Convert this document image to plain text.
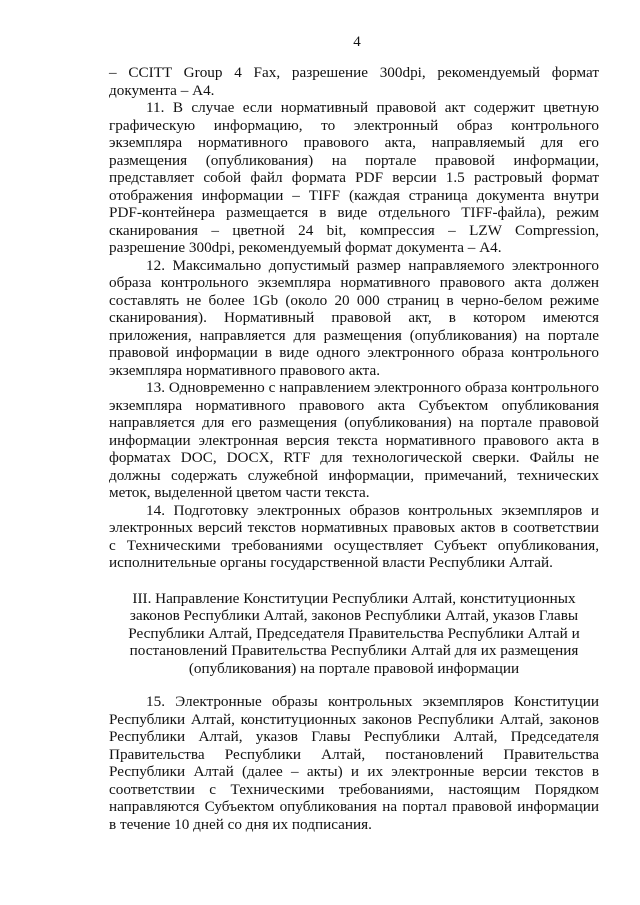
4

– CCITT Group 4 Fax, разрешение 300dpi, рекомендуемый формат документа – А4.

11. В случае если нормативный правовой акт содержит цветную графическую информацию, то электронный образ контрольного экземпляра нормативного правового акта, направляемый для его размещения (опубликования) на портале правовой информации, представляет собой файл формата PDF версии 1.5 растровый формат отображения информации – TIFF (каждая страница документа внутри PDF-контейнера размещается в виде отдельного TIFF-файла), режим сканирования – цветной 24 bit, компрессия – LZW Compression, разрешение 300dpi, рекомендуемый формат документа – А4.

12. Максимально допустимый размер направляемого электронного образа контрольного экземпляра нормативного правового акта должен составлять не более 1Gb (около 20 000 страниц в черно-белом режиме сканирования). Нормативный правовой акт, в котором имеются приложения, направляется для размещения (опубликования) на портале правовой информации в виде одного электронного образа контрольного экземпляра нормативного правового акта.

13. Одновременно с направлением электронного образа контрольного экземпляра нормативного правового акта Субъектом опубликования направляется для его размещения (опубликования) на портале правовой информации электронная версия текста нормативного правового акта в форматах DOC, DOCX, RTF для технологической сверки. Файлы не должны содержать служебной информации, примечаний, технических меток, выделенной цветом части текста.

14. Подготовку электронных образов контрольных экземпляров и электронных версий текстов нормативных правовых актов в соответствии с Техническими требованиями осуществляет Субъект опубликования, исполнительные органы государственной власти Республики Алтай.

III. Направление Конституции Республики Алтай, конституционных законов Республики Алтай, законов Республики Алтай, указов Главы Республики Алтай, Председателя Правительства Республики Алтай и постановлений Правительства Республики Алтай для их размещения (опубликования) на портале правовой информации

15. Электронные образы контрольных экземпляров Конституции Республики Алтай, конституционных законов Республики Алтай, законов Республики Алтай, указов Главы Республики Алтай, Председателя Правительства Республики Алтай, постановлений Правительства Республики Алтай (далее – акты) и их электронные версии текстов в соответствии с Техническими требованиями, настоящим Порядком направляются Субъектом опубликования на портал правовой информации в течение 10 дней со дня их подписания.
